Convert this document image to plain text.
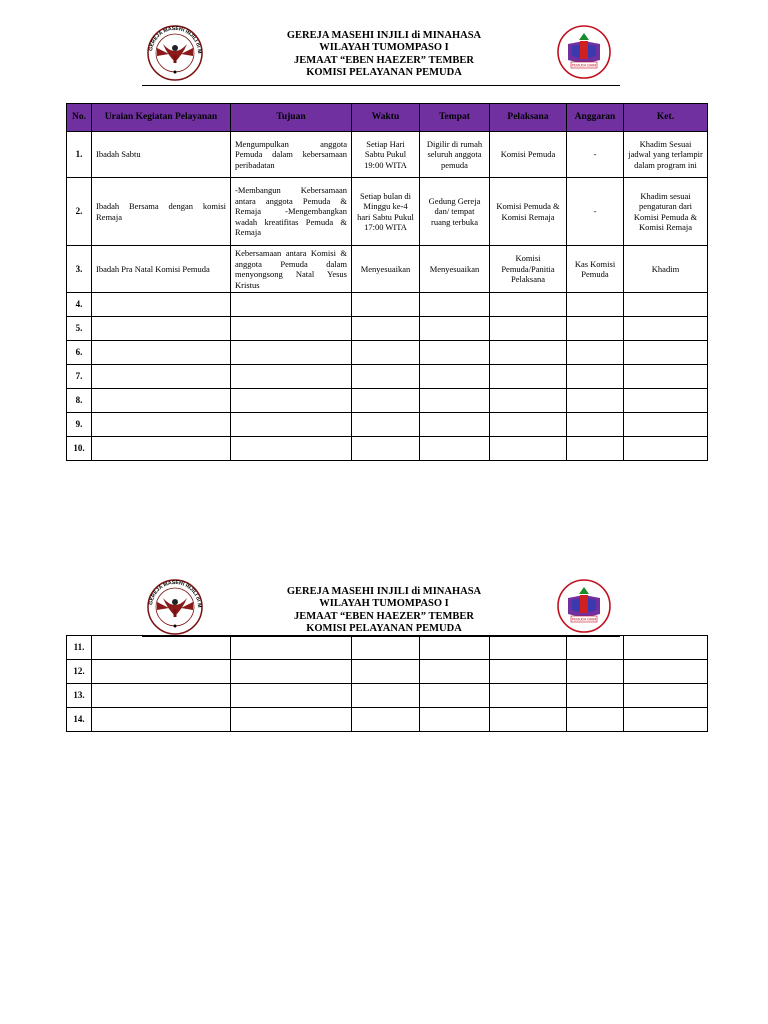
GEREJA MASEHI INJILI di M
GEREJA MASEHI INJILI di MINAHASA
WILAYAH TUMOMPASO I
JEMAAT “EBEN HAEZER” TEMBER
KOMISI PELAYANAN PEMUDA
PEMUDA GMIM
No.	Uraian Kegiatan Pelayanan	Tujuan	Waktu	Tempat	Pelaksana	Anggaran	Ket.
1.	Ibadah Sabtu	Mengumpulkan anggota Pemuda dalam kebersamaan peribadatan	Setiap Hari Sabtu Pukul 19:00 WITA	Digilir di rumah seluruh anggota pemuda	Komisi Pemuda	-	Khadim Sesuai jadwal yang terlampir dalam program ini
2.	Ibadah Bersama dengan komisi Remaja	-Membangun Kebersamaan antara anggota Pemuda & Remaja -Mengembangkan wadah kreatifitas Pemuda & Remaja	Setiap bulan di Minggu ke-4 hari Sabtu Pukul 17:00 WITA	Gedung Gereja dan/ tempat ruang terbuka	Komisi Pemuda & Komisi Remaja	-	Khadim sesuai pengaturan dari Komisi Pemuda & Komisi Remaja
3.	Ibadah Pra Natal Komisi Pemuda	Kebersamaan antara Komisi & anggota Pemuda dalam menyongsong Natal Yesus Kristus	Menyesuaikan	Menyesuaikan	Komisi Pemuda/Panitia Pelaksana	Kas Komisi Pemuda	Khadim
4.							
5.							
6.							
7.							
8.							
9.							
10.							
GEREJA MASEHI INJILI di M
GEREJA MASEHI INJILI di MINAHASA
WILAYAH TUMOMPASO I
JEMAAT “EBEN HAEZER” TEMBER
KOMISI PELAYANAN PEMUDA
PEMUDA GMIM
11.							
12.							
13.							
14.							
